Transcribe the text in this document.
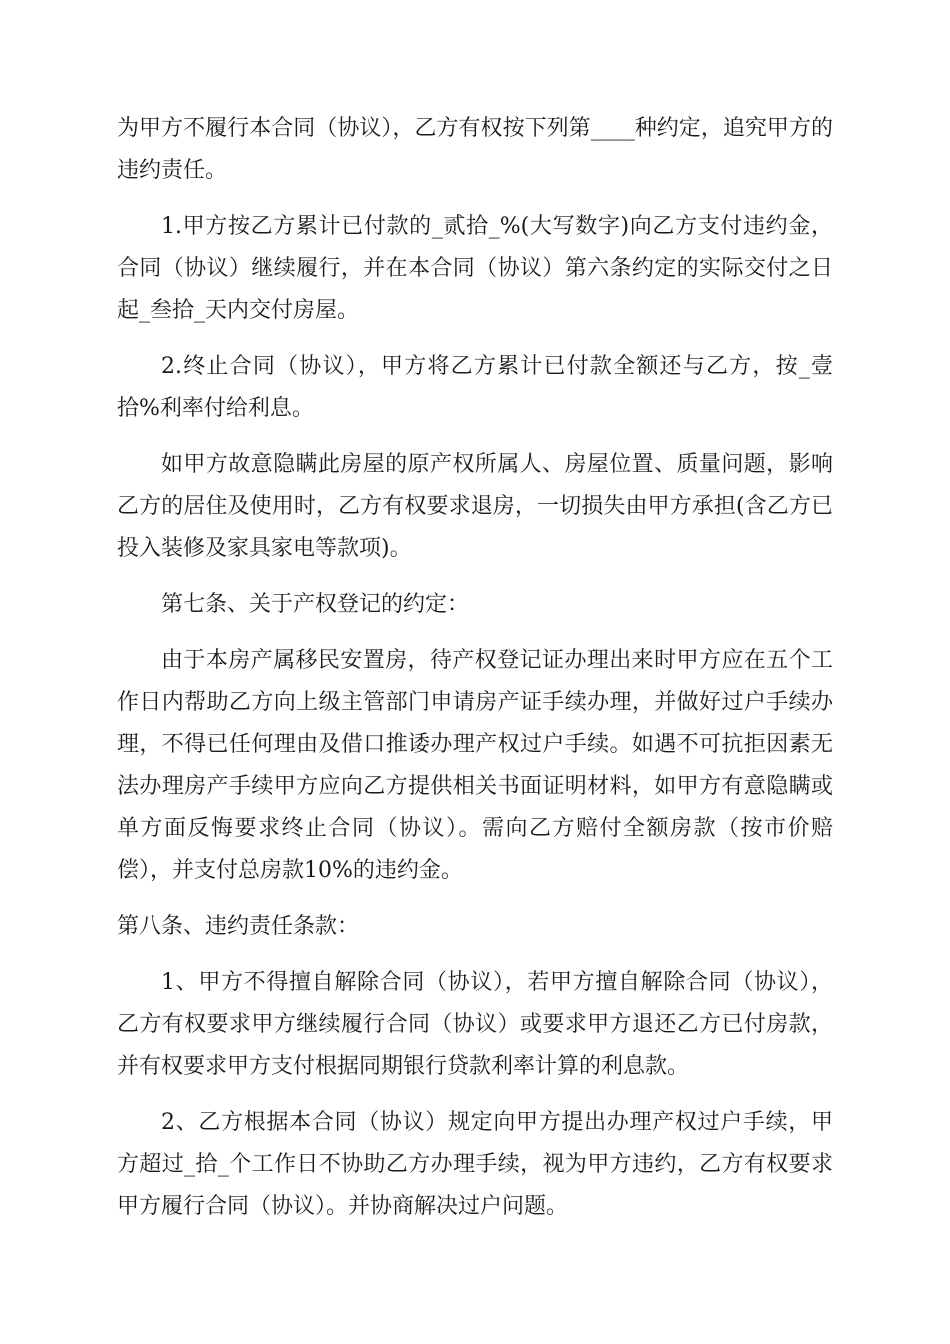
为甲方不履行本合同（协议），乙方有权按下列第____种约定，追究甲方的违约责任。

1.甲方按乙方累计已付款的_贰拾_%(大写数字)向乙方支付违约金，合同（协议）继续履行，并在本合同（协议）第六条约定的实际交付之日起_叁拾_天内交付房屋。

2.终止合同（协议），甲方将乙方累计已付款全额还与乙方，按_壹拾%利率付给利息。

如甲方故意隐瞒此房屋的原产权所属人、房屋位置、质量问题，影响乙方的居住及使用时，乙方有权要求退房，一切损失由甲方承担(含乙方已投入装修及家具家电等款项)。

第七条、关于产权登记的约定：

由于本房产属移民安置房，待产权登记证办理出来时甲方应在五个工作日内帮助乙方向上级主管部门申请房产证手续办理，并做好过户手续办理，不得已任何理由及借口推诿办理产权过户手续。如遇不可抗拒因素无法办理房产手续甲方应向乙方提供相关书面证明材料，如甲方有意隐瞒或单方面反悔要求终止合同（协议）。需向乙方赔付全额房款（按市价赔偿），并支付总房款10%的违约金。

第八条、违约责任条款：

1、甲方不得擅自解除合同（协议），若甲方擅自解除合同（协议），乙方有权要求甲方继续履行合同（协议）或要求甲方退还乙方已付房款，并有权要求甲方支付根据同期银行贷款利率计算的利息款。

2、乙方根据本合同（协议）规定向甲方提出办理产权过户手续，甲方超过_拾_个工作日不协助乙方办理手续，视为甲方违约，乙方有权要求甲方履行合同（协议）。并协商解决过户问题。
